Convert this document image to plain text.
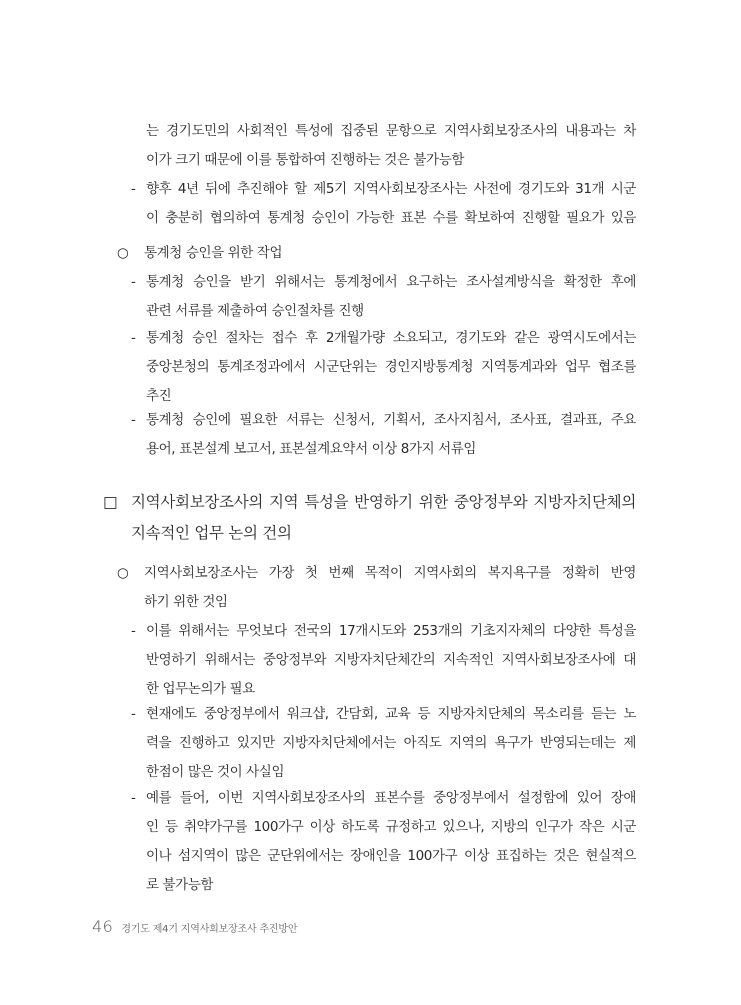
는 경기도민의 사회적인 특성에 집중된 문항으로 지역사회보장조사의 내용과는 차
이가 크기 때문에 이를 통합하여 진행하는 것은 불가능함
- 향후 4년 뒤에 추진해야 할 제5기 지역사회보장조사는 사전에 경기도와 31개 시군
이 충분히 협의하여 통계청 승인이 가능한 표본 수를 확보하여 진행할 필요가 있음
○ 통계청 승인을 위한 작업
- 통계청 승인을 받기 위해서는 통계청에서 요구하는 조사설계방식을 확정한 후에
관련 서류를 제출하여 승인절차를 진행
- 통계청 승인 절차는 접수 후 2개월가량 소요되고, 경기도와 같은 광역시도에서는
중앙본청의 통계조정과에서 시군단위는 경인지방통계청 지역통계과와 업무 협조를
추진
- 통계청 승인에 필요한 서류는 신청서, 기획서, 조사지침서, 조사표, 결과표, 주요
용어, 표본설계 보고서, 표본설계요약서 이상 8가지 서류임
□ 지역사회보장조사의 지역 특성을 반영하기 위한 중앙정부와 지방자치단체의
지속적인 업무 논의 건의
○ 지역사회보장조사는 가장 첫 번째 목적이 지역사회의 복지욕구를 정확히 반영
하기 위한 것임
- 이를 위해서는 무엇보다 전국의 17개시도와 253개의 기초지자체의 다양한 특성을
반영하기 위해서는 중앙정부와 지방자치단체간의 지속적인 지역사회보장조사에 대
한 업무논의가 필요
- 현재에도 중앙정부에서 워크샵, 간담회, 교육 등 지방자치단체의 목소리를 듣는 노
력을 진행하고 있지만 지방자치단체에서는 아직도 지역의 욕구가 반영되는데는 제
한점이 많은 것이 사실임
- 예를 들어, 이번 지역사회보장조사의 표본수를 중앙정부에서 설정함에 있어 장애
인 등 취약가구를 100가구 이상 하도록 규정하고 있으나, 지방의 인구가 작은 시군
이나 섬지역이 많은 군단위에서는 장애인을 100가구 이상 표집하는 것은 현실적으
로 불가능함
46 경기도 제4기 지역사회보장조사 추진방안
